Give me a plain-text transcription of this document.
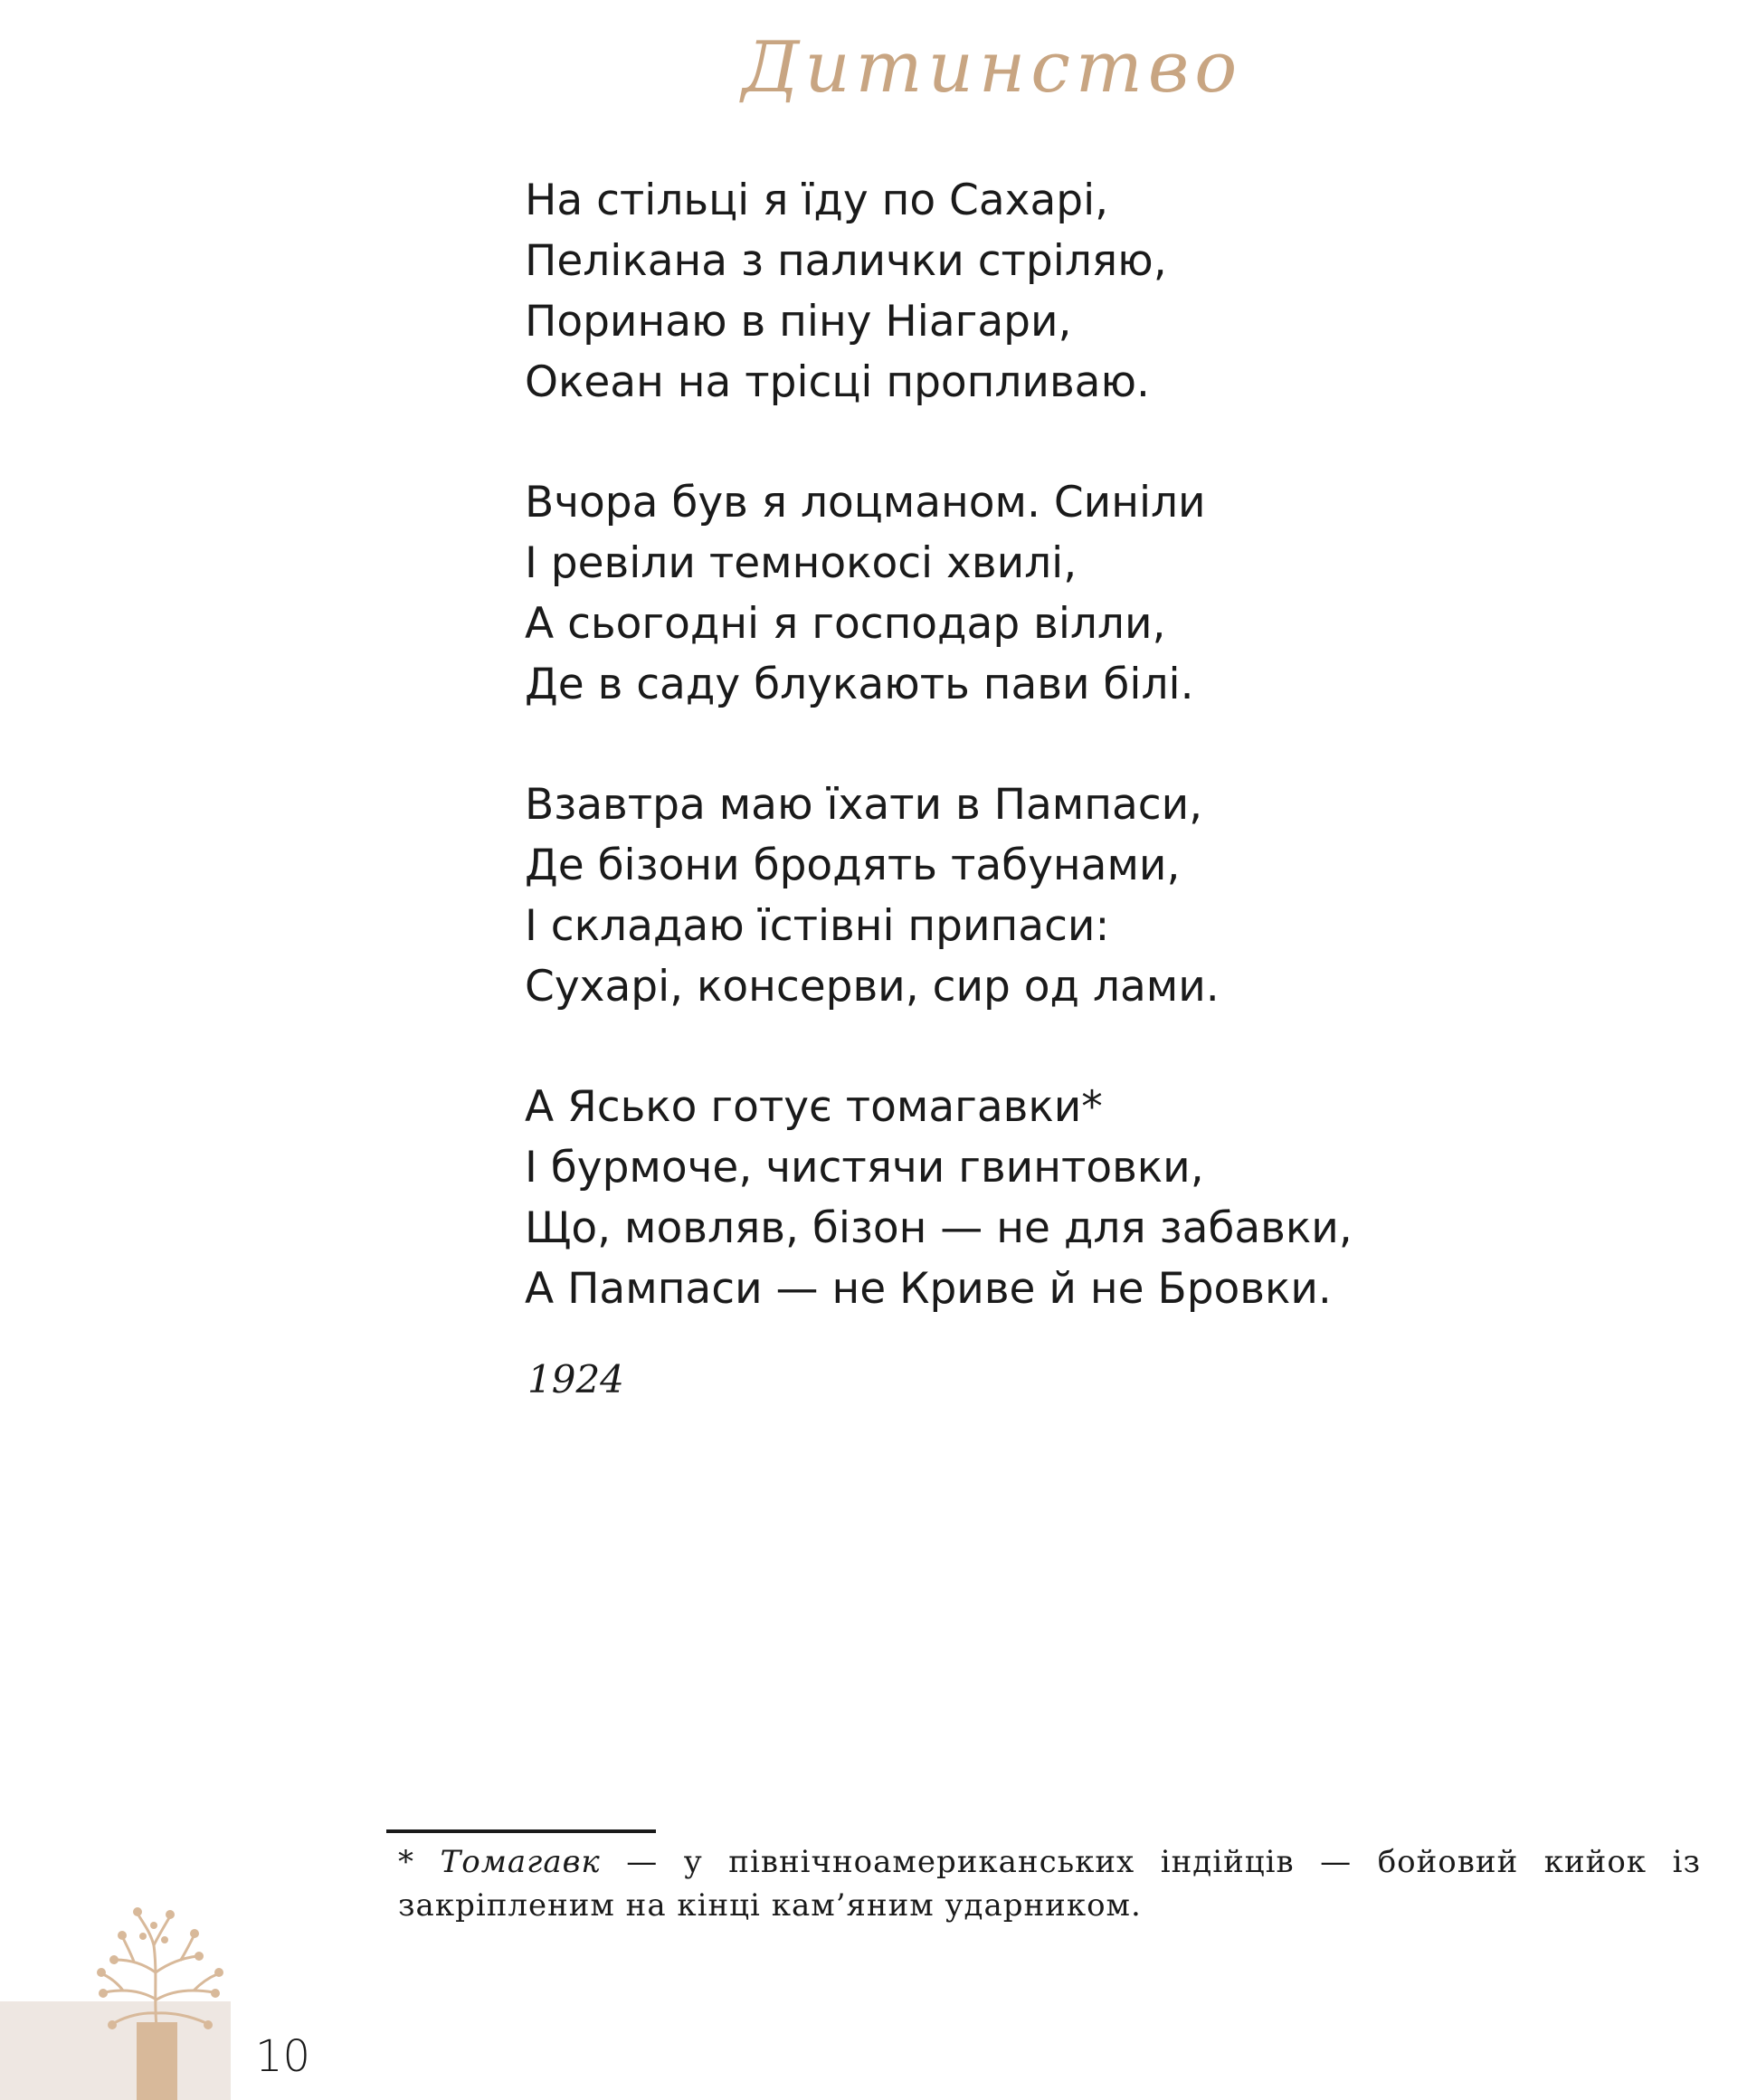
Дитинство
На стільці я їду по Сахарі,
Пелікана з палички стріляю,
Поринаю в піну Ніагари,
Океан на трісці пропливаю.
Вчора був я лоцманом. Синіли
І ревіли темнокосі хвилі,
А сьогодні я господар вілли,
Де в саду блукають пави білі.
Взавтра маю їхати в Пампаси,
Де бізони бродять табунами,
І складаю їстівні припаси:
Сухарі, консерви, сир од лами.
А Ясько готує томагавки*
І бурмоче, чистячи гвинтовки,
Що, мовляв, бізон — не для забавки,
А Пампаси — не Криве й не Бровки.
1924

* Томагавк — у північноамериканських індійців — бойовий кийок із закріпленим на кінці кам’яним ударником.

10
